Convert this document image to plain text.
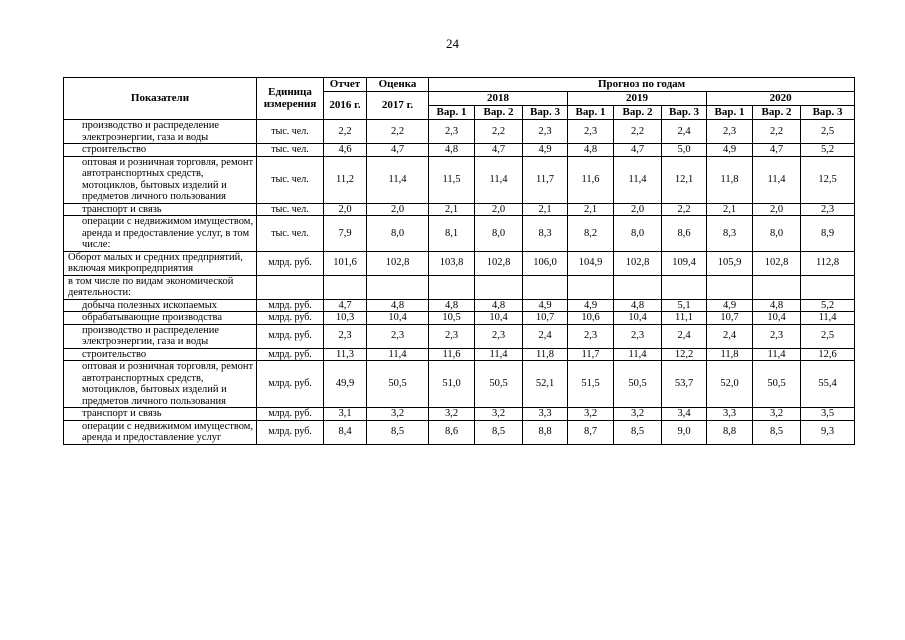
24
Показатели	Единица измерения	Отчет	Оценка	Прогноз по годам								
		2016 г.	2017 г.	2018			2019			2020		
				Вар. 1	Вар. 2	Вар. 3	Вар. 1	Вар. 2	Вар. 3	Вар. 1	Вар. 2	Вар. 3
производство и распределение электроэнергии, газа и воды	тыс. чел.	2,2	2,2	2,3	2,2	2,3	2,3	2,2	2,4	2,3	2,2	2,5
строительство	тыс. чел.	4,6	4,7	4,8	4,7	4,9	4,8	4,7	5,0	4,9	4,7	5,2
оптовая и розничная торговля, ремонт автотранспортных средств, мотоциклов, бытовых изделий и предметов личного пользования	тыс. чел.	11,2	11,4	11,5	11,4	11,7	11,6	11,4	12,1	11,8	11,4	12,5
транспорт и связь	тыс. чел.	2,0	2,0	2,1	2,0	2,1	2,1	2,0	2,2	2,1	2,0	2,3
операции с недвижимом имуществом, аренда и предоставление услуг, в том числе:	тыс. чел.	7,9	8,0	8,1	8,0	8,3	8,2	8,0	8,6	8,3	8,0	8,9
Оборот малых и средних предприятий, включая микропредприятия	млрд. руб.	101,6	102,8	103,8	102,8	106,0	104,9	102,8	109,4	105,9	102,8	112,8
в том числе по видам экономической деятельности:												
добыча полезных ископаемых	млрд. руб.	4,7	4,8	4,8	4,8	4,9	4,9	4,8	5,1	4,9	4,8	5,2
обрабатывающие производства	млрд. руб.	10,3	10,4	10,5	10,4	10,7	10,6	10,4	11,1	10,7	10,4	11,4
производство и распределение электроэнергии, газа и воды	млрд. руб.	2,3	2,3	2,3	2,3	2,4	2,3	2,3	2,4	2,4	2,3	2,5
строительство	млрд. руб.	11,3	11,4	11,6	11,4	11,8	11,7	11,4	12,2	11,8	11,4	12,6
оптовая и розничная торговля, ремонт автотранспортных средств, мотоциклов, бытовых изделий и предметов личного пользования	млрд. руб.	49,9	50,5	51,0	50,5	52,1	51,5	50,5	53,7	52,0	50,5	55,4
транспорт и связь	млрд. руб.	3,1	3,2	3,2	3,2	3,3	3,2	3,2	3,4	3,3	3,2	3,5
операции с недвижимом имуществом, аренда и предоставление услуг	млрд. руб.	8,4	8,5	8,6	8,5	8,8	8,7	8,5	9,0	8,8	8,5	9,3
